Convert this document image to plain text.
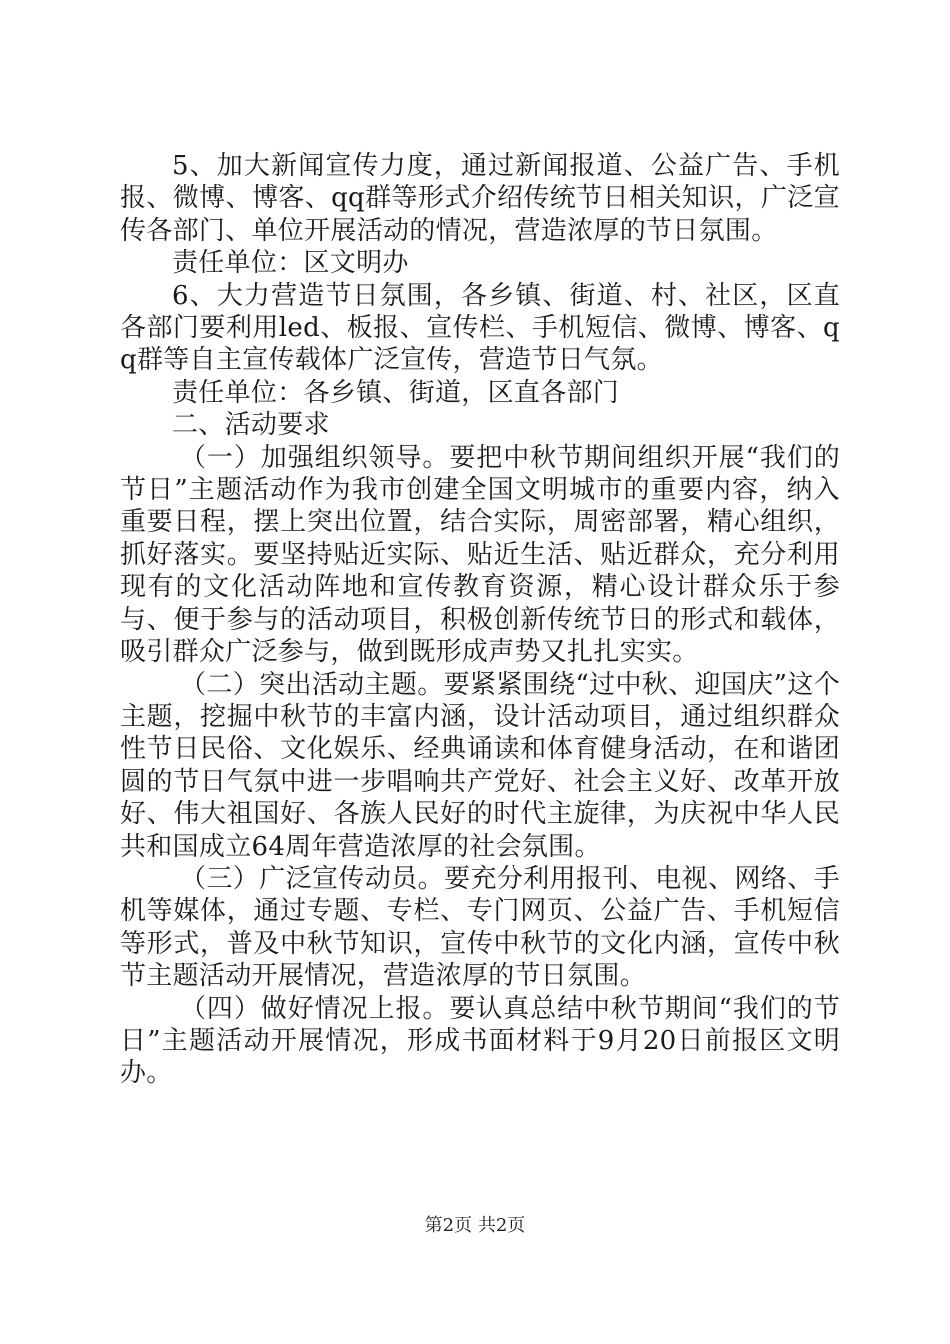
5、加大新闻宣传力度，通过新闻报道、公益广告、手机报、微博、博客、qq群等形式介绍传统节日相关知识，广泛宣传各部门、单位开展活动的情况，营造浓厚的节日氛围。

责任单位：区文明办

6、大力营造节日氛围，各乡镇、街道、村、社区，区直各部门要利用led、板报、宣传栏、手机短信、微博、博客、qq群等自主宣传载体广泛宣传，营造节日气氛。

责任单位：各乡镇、街道，区直各部门

二、活动要求

（一）加强组织领导。要把中秋节期间组织开展“我们的节日”主题活动作为我市创建全国文明城市的重要内容，纳入重要日程，摆上突出位置，结合实际，周密部署，精心组织，抓好落实。要坚持贴近实际、贴近生活、贴近群众，充分利用现有的文化活动阵地和宣传教育资源，精心设计群众乐于参与、便于参与的活动项目，积极创新传统节日的形式和载体，吸引群众广泛参与，做到既形成声势又扎扎实实。

（二）突出活动主题。要紧紧围绕“过中秋、迎国庆”这个主题，挖掘中秋节的丰富内涵，设计活动项目，通过组织群众性节日民俗、文化娱乐、经典诵读和体育健身活动，在和谐团圆的节日气氛中进一步唱响共产党好、社会主义好、改革开放好、伟大祖国好、各族人民好的时代主旋律，为庆祝中华人民共和国成立64周年营造浓厚的社会氛围。

（三）广泛宣传动员。要充分利用报刊、电视、网络、手机等媒体，通过专题、专栏、专门网页、公益广告、手机短信等形式，普及中秋节知识，宣传中秋节的文化内涵，宣传中秋节主题活动开展情况，营造浓厚的节日氛围。

（四）做好情况上报。要认真总结中秋节期间“我们的节日”主题活动开展情况，形成书面材料于9月20日前报区文明办。

第2页 共2页
